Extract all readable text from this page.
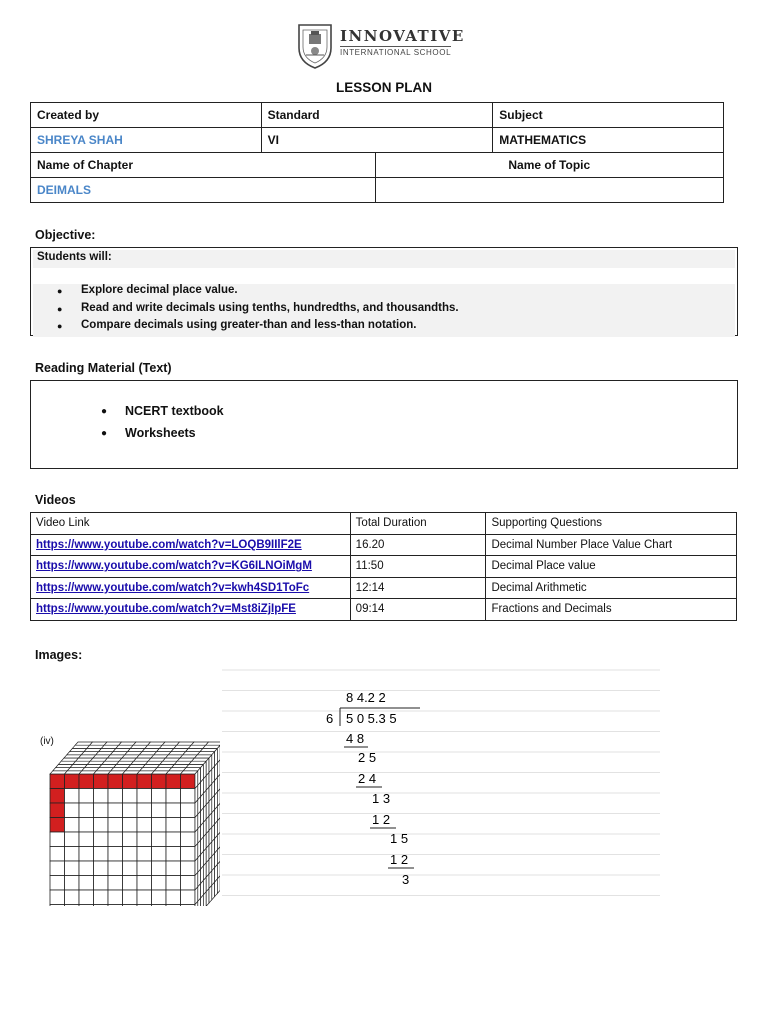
INNOVATIVE
INTERNATIONAL SCHOOL
LESSON PLAN
Created by	Standard	Subject
SHREYA SHAH	VI	MATHEMATICS
Name of Chapter	Name of Topic
DEIMALS	
Objective:
Students will:
● Explore decimal place value.
● Read and write decimals using tenths, hundredths, and thousandths.
● Compare decimals using greater-than and less-than notation.
Reading Material (Text)
● NCERT textbook
● Worksheets
Videos
Video Link	Total Duration	Supporting Questions
https://www.youtube.com/watch?v=LOQB9IIlF2E	16.20	Decimal Number Place Value Chart
https://www.youtube.com/watch?v=KG6ILNOiMgM	11:50	Decimal Place value
https://www.youtube.com/watch?v=kwh4SD1ToFc	12:14	Decimal Arithmetic
https://www.youtube.com/watch?v=Mst8iZjIpFE	09:14	Fractions and Decimals
Images:
(iv)
8 4.2 2
6 5 0 5.3 5
4 8
2 5
2 4
1 3
1 2
1 5
1 2
3
